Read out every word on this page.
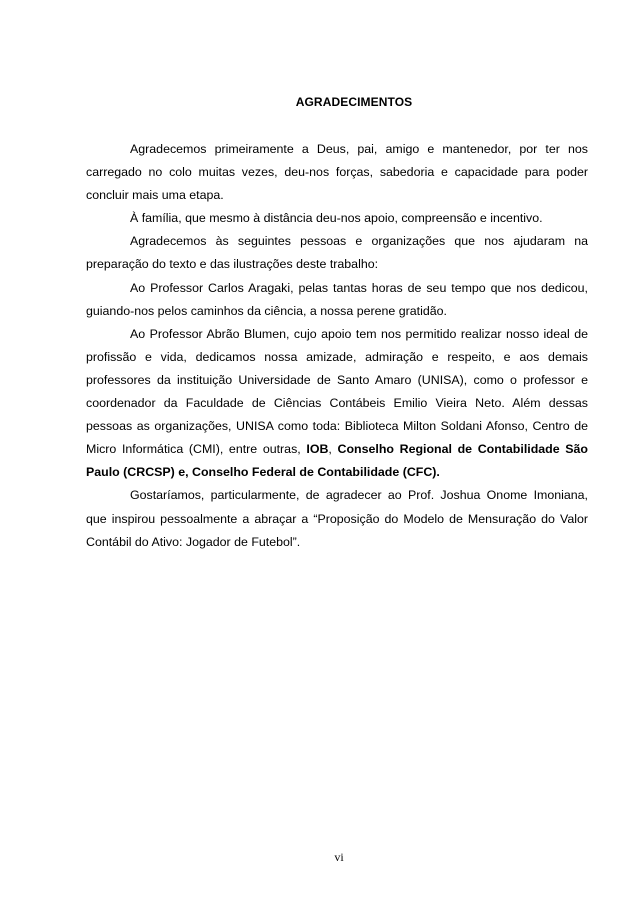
AGRADECIMENTOS

Agradecemos primeiramente a Deus, pai, amigo e mantenedor, por ter nos carregado no colo muitas vezes, deu-nos forças, sabedoria e capacidade para poder concluir mais uma etapa.

À família, que mesmo à distância deu-nos apoio, compreensão e incentivo.

Agradecemos às seguintes pessoas e organizações que nos ajudaram na preparação do texto e das ilustrações deste trabalho:

Ao Professor Carlos Aragaki, pelas tantas horas de seu tempo que nos dedicou, guiando-nos pelos caminhos da ciência, a nossa perene gratidão.

Ao Professor Abrão Blumen, cujo apoio tem nos permitido realizar nosso ideal de profissão e vida, dedicamos nossa amizade, admiração e respeito, e aos demais professores da instituição Universidade de Santo Amaro (UNISA), como o professor e coordenador da Faculdade de Ciências Contábeis Emilio Vieira Neto. Além dessas pessoas as organizações, UNISA como toda: Biblioteca Milton Soldani Afonso, Centro de Micro Informática (CMI), entre outras, IOB, Conselho Regional de Contabilidade São Paulo (CRCSP) e, Conselho Federal de Contabilidade (CFC).

Gostaríamos, particularmente, de agradecer ao Prof. Joshua Onome Imoniana, que inspirou pessoalmente a abraçar a “Proposição do Modelo de Mensuração do Valor Contábil do Ativo: Jogador de Futebol”.

vi
